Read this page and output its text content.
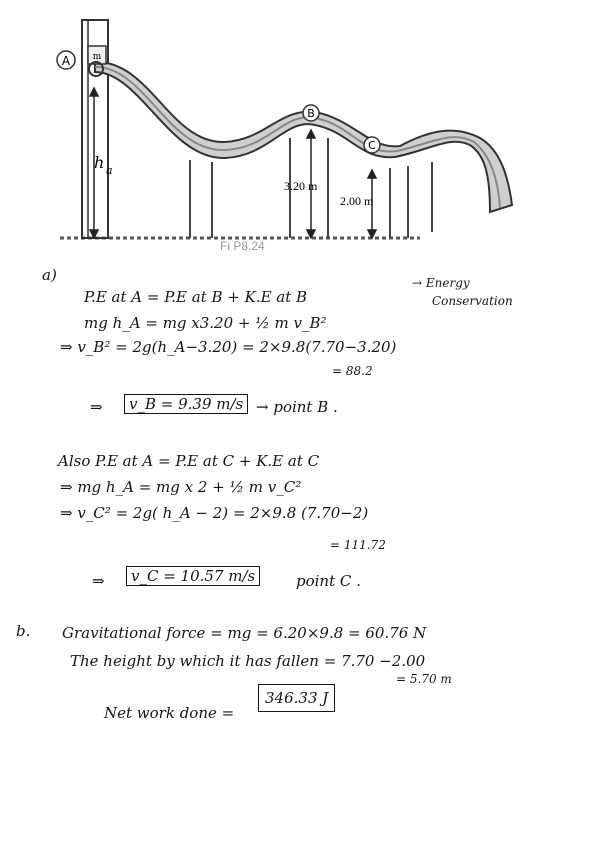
m
A
B
C
h a
3.20 m
2.00 m
Fi P8.24
a)
P.E at A = P.E at B + K.E at B
→ Energy
Conservation
mg h_A = mg x3.20 + ½ m v_B²
⇒ v_B² = 2g(h_A−3.20) = 2×9.8(7.70−3.20)
= 88.2
⇒	v_B = 9.39 m/s → point B .
Also P.E at A = P.E at C + K.E at C
⇒ mg h_A = mg x 2 + ½ m v_C²
⇒ v_C² = 2g( h_A − 2) = 2×9.8 (7.70−2)
= 111.72
⇒	v_C = 10.57 m/s	point C .
b. Gravitational force = mg = 6.20×9.8 = 60.76 N
The height by which it has fallen = 7.70 −2.00
= 5.70 m
Net work done =
346.33 J
